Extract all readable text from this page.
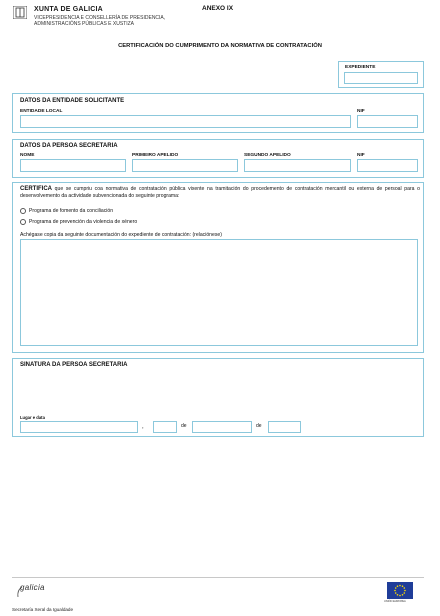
XUNTA DE GALICIA
VICEPRESIDENCIA E CONSELLERÍA DE PRESIDENCIA,
ADMINISTRACIÓNS PÚBLICAS E XUSTIZA
ANEXO IX
CERTIFICACIÓN DO CUMPRIMENTO DA NORMATIVA DE CONTRATACIÓN
EXPEDIENTE
DATOS DA ENTIDADE SOLICITANTE
ENTIDADE LOCAL	NIF
DATOS DA PERSOA SECRETARIA
NOME	PRIMEIRO APELIDO	SEGUNDO APELIDO	NIF
CERTIFICA que se cumpriu coa normativa de contratación pública vixente na tramitación do procedemento de contratación mercantil ou externa de persoal para o desenvolvemento da actividade subvencionada do seguinte programa:
Programa de fomento da conciliación
Programa de prevención da violencia de xénero
Achégase copia da seguinte documentación do expediente de contratación: (relaciónese)
SINATURA DA PERSOA SECRETARIA
Lugar e data
,	de	de
galicia
UNIÓN EUROPEA
Secretaría Xeral da Igualdade
